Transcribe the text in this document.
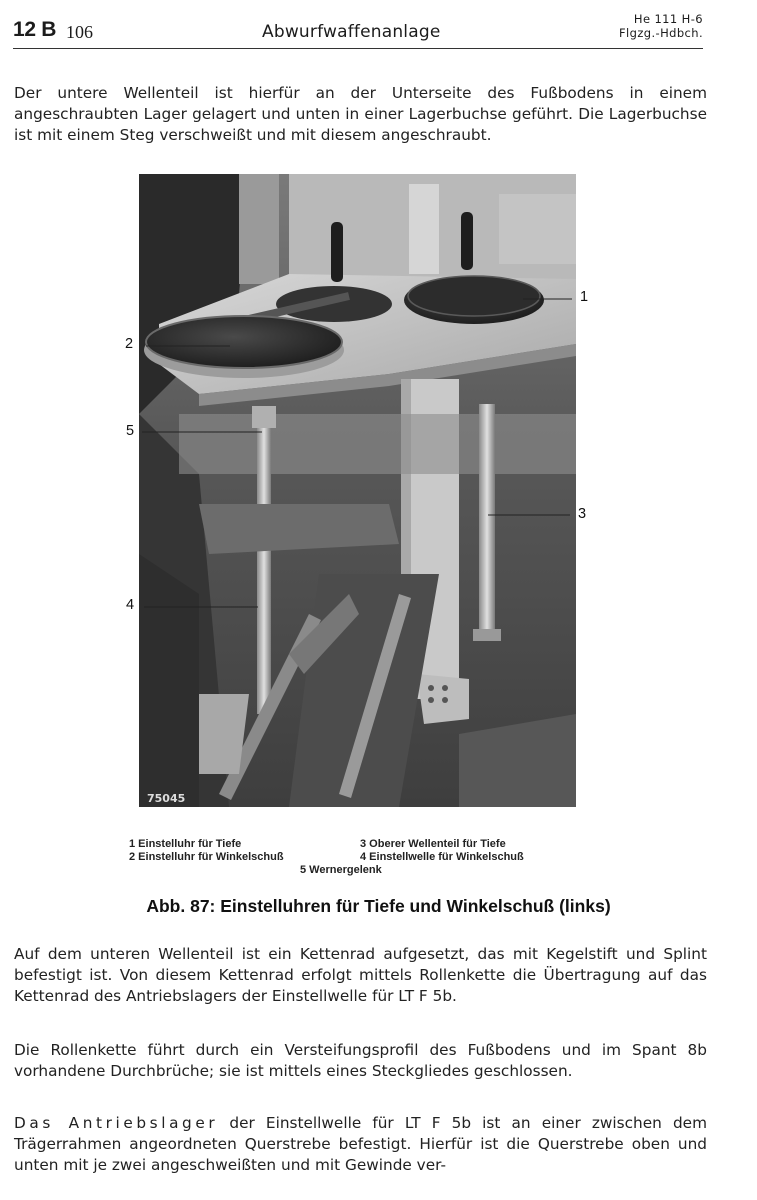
12 B 106	Abwurfwaffenanlage
He 111 H-6
Flgzg.-Hdbch.

Der untere Wellenteil ist hierfür an der Unterseite des Fußbodens in einem angeschraubten Lager gelagert und unten in einer Lagerbuchse geführt. Die Lagerbuchse ist mit einem Steg verschweißt und mit diesem angeschraubt.

75045
1
2
3
4
5
1 Einstelluhr für Tiefe
2 Einstelluhr für Winkelschuß
3 Oberer Wellenteil für Tiefe
4 Einstellwelle für Winkelschuß
5 Wernergelenk
Abb. 87: Einstelluhren für Tiefe und Winkelschuß (links)

Auf dem unteren Wellenteil ist ein Kettenrad aufgesetzt, das mit Kegelstift und Splint befestigt ist. Von diesem Kettenrad erfolgt mittels Rollenkette die Übertragung auf das Kettenrad des Antriebslagers der Einstellwelle für LT F 5b.

Die Rollenkette führt durch ein Versteifungsprofil des Fußbodens und im Spant 8b vorhandene Durchbrüche; sie ist mittels eines Steckgliedes geschlossen.

Das Antriebslager der Einstellwelle für LT F 5b ist an einer zwischen dem Trägerrahmen angeordneten Querstrebe befestigt. Hierfür ist die Querstrebe oben und unten mit je zwei angeschweißten und mit Gewinde ver-
